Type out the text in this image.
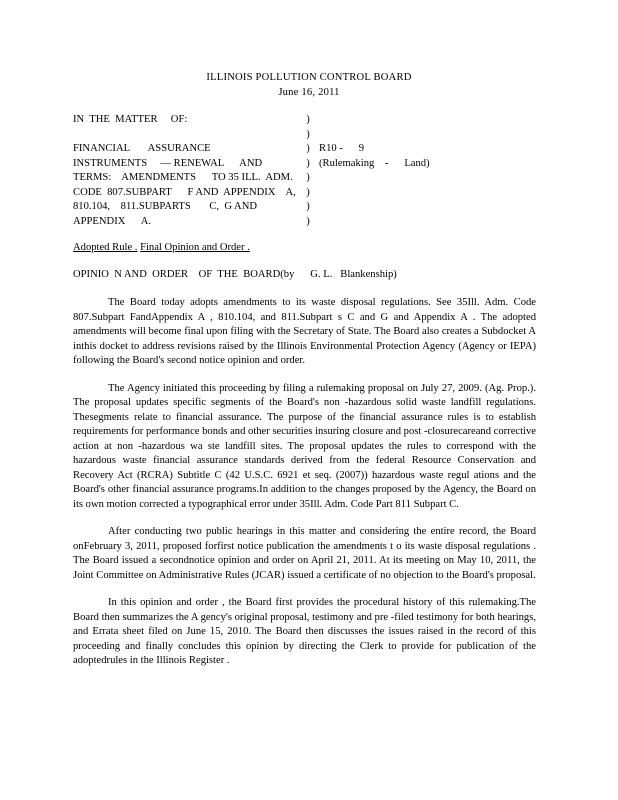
ILLINOIS POLLUTION CONTROL BOARD
June 16, 2011
IN  THE  MATTER     OF:	)
)
FINANCIAL       ASSURANCE	) R10 -      9
INSTRUMENTS     — RENEWAL      AND	) (Rulemaking    -      Land)
TERMS:    AMENDMENTS      TO 35 ILL.  ADM.	)
CODE  807.SUBPART      F AND  APPENDIX    A, )
810.104,    811.SUBPARTS       C,  G AND	)
APPENDIX      A.	)
Adopted Rule . Final Opinion and Order .
OPINIO  N AND  ORDER    OF  THE  BOARD(by      G. L.   Blankenship)

The Board today adopts amendments to its waste disposal regulations. See 35Ill. Adm. Code 807.Subpart FandAppendix A , 810.104, and 811.Subpart s C and G and Appendix A . The adopted amendments will become final upon filing with the Secretary of State. The Board also creates a Subdocket A inthis docket to address revisions raised by the Illinois Environmental Protection Agency (Agency or IEPA) following the Board's second notice opinion and order.

The Agency initiated this proceeding by filing a rulemaking proposal on July 27, 2009. (Ag. Prop.). The proposal updates specific segments of the Board's non -hazardous solid waste landfill regulations. Thesegments relate to financial assurance. The purpose of the financial assurance rules is to establish requirements for performance bonds and other securities insuring closure and post -closurecareand corrective action at non -hazardous wa ste landfill sites. The proposal updates the rules to correspond with the hazardous waste financial assurance standards derived from the federal Resource Conservation and Recovery Act (RCRA) Subtitle C (42 U.S.C. 6921 et seq. (2007)) hazardous waste regul ations and the Board's other financial assurance programs.In addition to the changes proposed by the Agency, the Board on its own motion corrected a typographical error under 35Ill. Adm. Code Part 811 Subpart C.

After conducting two public hearings in this matter and considering the entire record, the Board onFebruary 3, 2011, proposed forfirst notice publication the amendments t o its waste disposal regulations . The Board issued a secondnotice opinion and order on April 21, 2011. At its meeting on May 10, 2011, the Joint Committee on Administrative Rules (JCAR) issued a certificate of no objection to the Board's proposal.

In this opinion and order , the Board first provides the procedural history of this rulemaking.The Board then summarizes the A gency's original proposal, testimony and pre -filed testimony for both hearings, and Errata sheet filed on June 15, 2010. The Board then discusses the issues raised in the record of this proceeding and finally concludes this opinion by directing the Clerk to provide for publication of the adoptedrules in the Illinois Register .
